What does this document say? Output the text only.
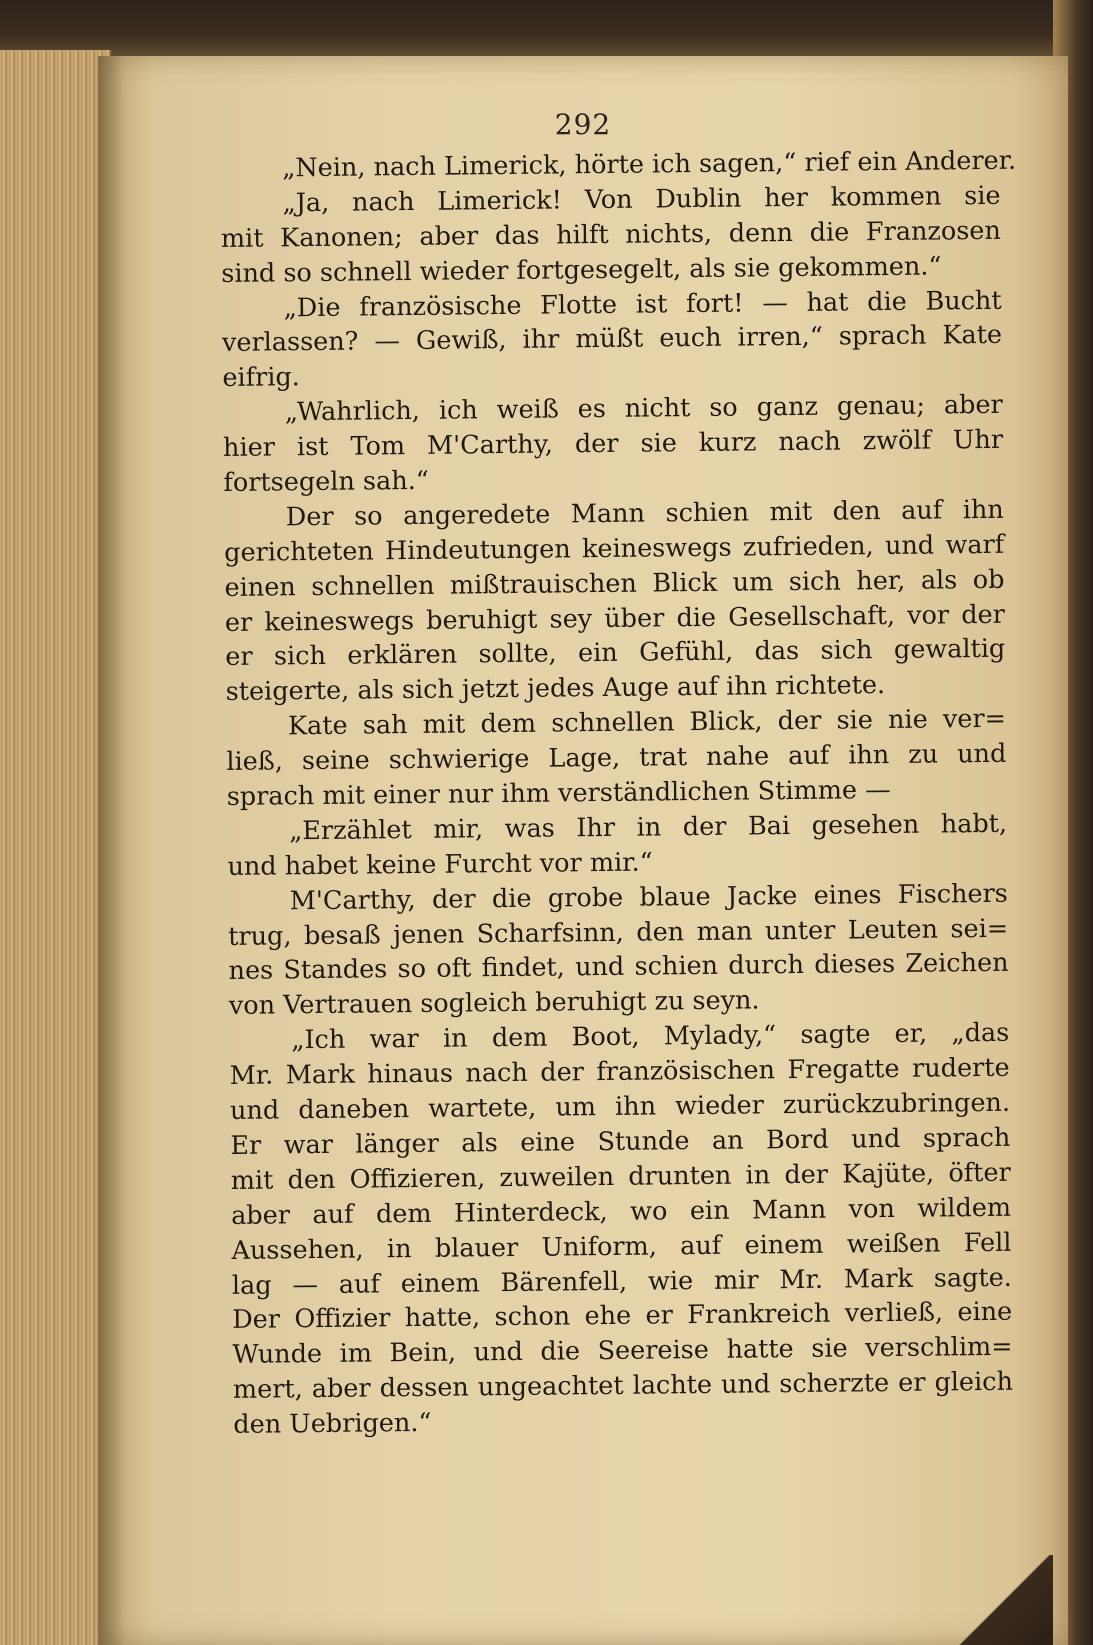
292
„Nein, nach Limerick, hörte ich sagen,“ rief ein Anderer.
„Ja, nach Limerick! Von Dublin her kommen sie
mit Kanonen; aber das hilft nichts, denn die Franzosen
sind so schnell wieder fortgesegelt, als sie gekommen.“
„Die französische Flotte ist fort! — hat die Bucht
verlassen? — Gewiß, ihr müßt euch irren,“ sprach Kate
eifrig.
„Wahrlich, ich weiß es nicht so ganz genau; aber
hier ist Tom M'Carthy, der sie kurz nach zwölf Uhr
fortsegeln sah.“
Der so angeredete Mann schien mit den auf ihn
gerichteten Hindeutungen keineswegs zufrieden, und warf
einen schnellen mißtrauischen Blick um sich her, als ob
er keineswegs beruhigt sey über die Gesellschaft, vor der
er sich erklären sollte, ein Gefühl, das sich gewaltig
steigerte, als sich jetzt jedes Auge auf ihn richtete.
Kate sah mit dem schnellen Blick, der sie nie ver=
ließ, seine schwierige Lage, trat nahe auf ihn zu und
sprach mit einer nur ihm verständlichen Stimme —
„Erzählet mir, was Ihr in der Bai gesehen habt,
und habet keine Furcht vor mir.“
M'Carthy, der die grobe blaue Jacke eines Fischers
trug, besaß jenen Scharfsinn, den man unter Leuten sei=
nes Standes so oft findet, und schien durch dieses Zeichen
von Vertrauen sogleich beruhigt zu seyn.
„Ich war in dem Boot, Mylady,“ sagte er, „das
Mr. Mark hinaus nach der französischen Fregatte ruderte
und daneben wartete, um ihn wieder zurückzubringen.
Er war länger als eine Stunde an Bord und sprach
mit den Offizieren, zuweilen drunten in der Kajüte, öfter
aber auf dem Hinterdeck, wo ein Mann von wildem
Aussehen, in blauer Uniform, auf einem weißen Fell
lag — auf einem Bärenfell, wie mir Mr. Mark sagte.
Der Offizier hatte, schon ehe er Frankreich verließ, eine
Wunde im Bein, und die Seereise hatte sie verschlim=
mert, aber dessen ungeachtet lachte und scherzte er gleich
den Uebrigen.“
